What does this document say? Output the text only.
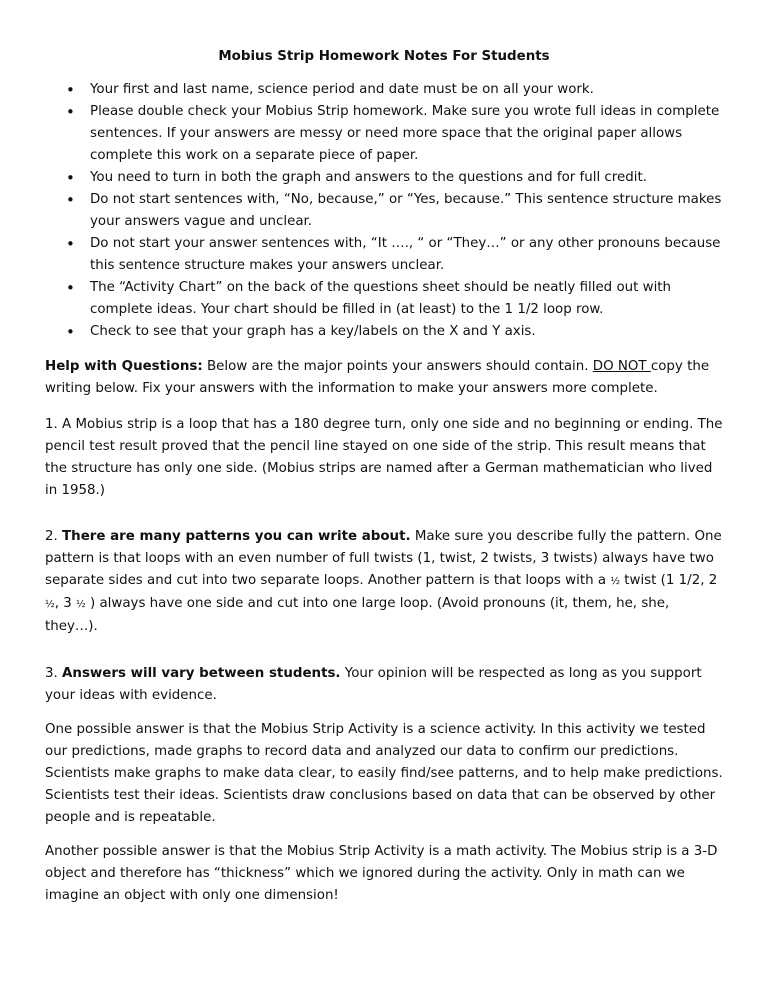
Mobius Strip Homework Notes For Students
• Your first and last name, science period and date must be on all your work.
• Please double check your Mobius Strip homework. Make sure you wrote full ideas in complete sentences. If your answers are messy or need more space that the original paper allows complete this work on a separate piece of paper.
• You need to turn in both the graph and answers to the questions and for full credit.
• Do not start sentences with, “No, because,” or “Yes, because.” This sentence structure makes your answers vague and unclear.
• Do not start your answer sentences with, “It …., “ or “They…” or any other pronouns because this sentence structure makes your answers unclear.
• The “Activity Chart” on the back of the questions sheet should be neatly filled out with complete ideas. Your chart should be filled in (at least) to the 1 1/2 loop row.
• Check to see that your graph has a key/labels on the X and Y axis.

Help with Questions: Below are the major points your answers should contain. DO NOT copy the writing below. Fix your answers with the information to make your answers more complete.

1. A Mobius strip is a loop that has a 180 degree turn, only one side and no beginning or ending. The pencil test result proved that the pencil line stayed on one side of the strip. This result means that the structure has only one side. (Mobius strips are named after a German mathematician who lived in 1958.)

2. There are many patterns you can write about. Make sure you describe fully the pattern. One pattern is that loops with an even number of full twists (1, twist, 2 twists, 3 twists) always have two separate sides and cut into two separate loops. Another pattern is that loops with a ½ twist (1 1/2, 2 ½, 3 ½ ) always have one side and cut into one large loop. (Avoid pronouns (it, them, he, she, they…).

3. Answers will vary between students. Your opinion will be respected as long as you support your ideas with evidence.

One possible answer is that the Mobius Strip Activity is a science activity. In this activity we tested our predictions, made graphs to record data and analyzed our data to confirm our predictions. Scientists make graphs to make data clear, to easily find/see patterns, and to help make predictions. Scientists test their ideas. Scientists draw conclusions based on data that can be observed by other people and is repeatable.

Another possible answer is that the Mobius Strip Activity is a math activity. The Mobius strip is a 3-D object and therefore has “thickness” which we ignored during the activity. Only in math can we imagine an object with only one dimension!
